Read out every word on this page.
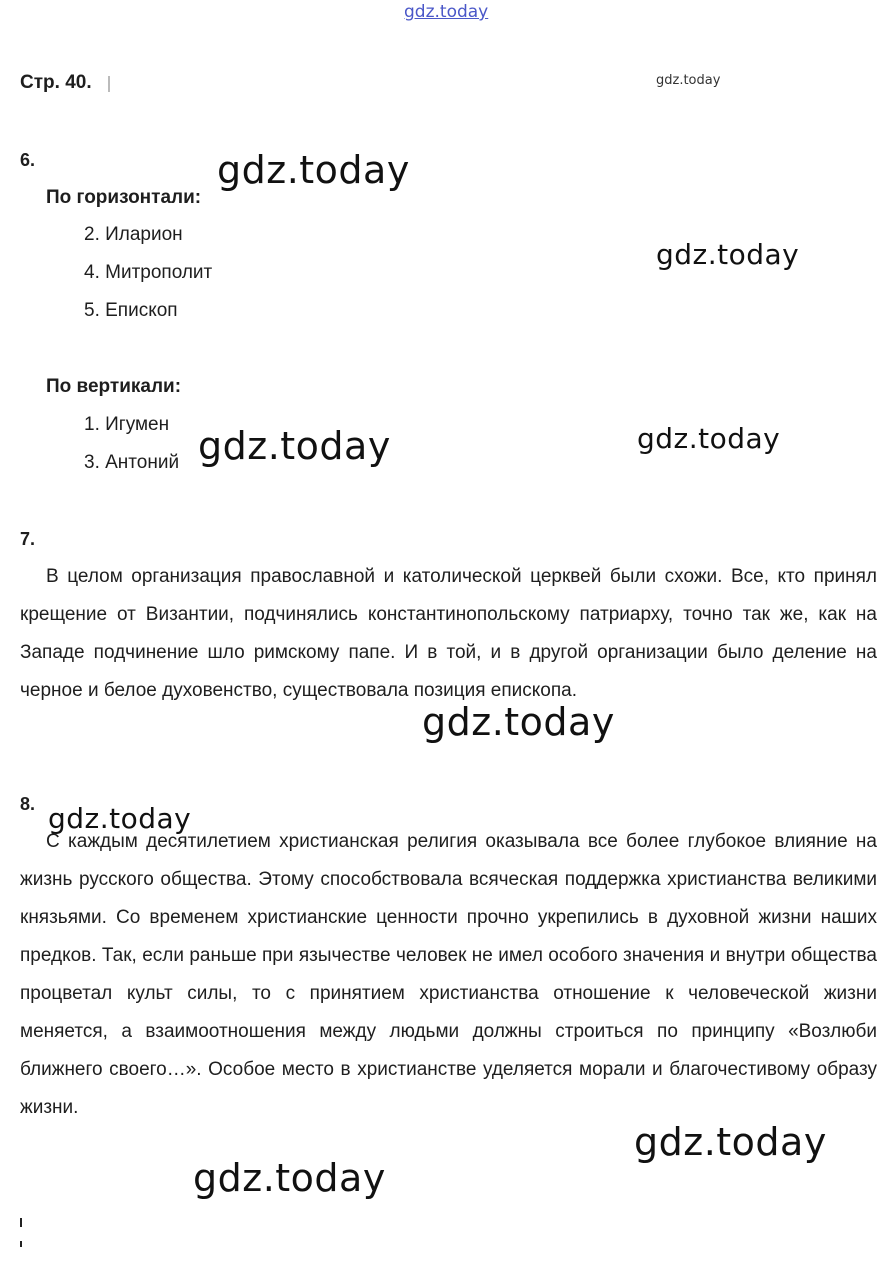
gdz.today
Стр. 40.	gdz.today
6.
По горизонтали:
2. Иларион
4. Митрополит
5. Епископ
По вертикали:
1. Игумен
3. Антоний
7.

В целом организация православной и католической церквей были схожи. Все, кто принял крещение от Византии, подчинялись константинопольскому патриарху, точно так же, как на Западе подчинение шло римскому папе. И в той, и в другой организации было деление на черное и белое духовенство, существовала позиция епископа.

8.

С каждым десятилетием христианская религия оказывала все более глубокое влияние на жизнь русского общества. Этому способствовала всяческая поддержка христианства великими князьями. Со временем христианские ценности прочно укрепились в духовной жизни наших предков. Так, если раньше при язычестве человек не имел особого значения и внутри общества процветал культ силы, то с принятием христианства отношение к человеческой жизни меняется, а взаимоотношения между людьми должны строиться по принципу «Возлюби ближнего своего…». Особое место в христианстве уделяется морали и благочестивому образу жизни.

gdz.today
gdz.today
gdz.today	gdz.today
gdz.today
gdz.today
gdz.today
gdz.today
